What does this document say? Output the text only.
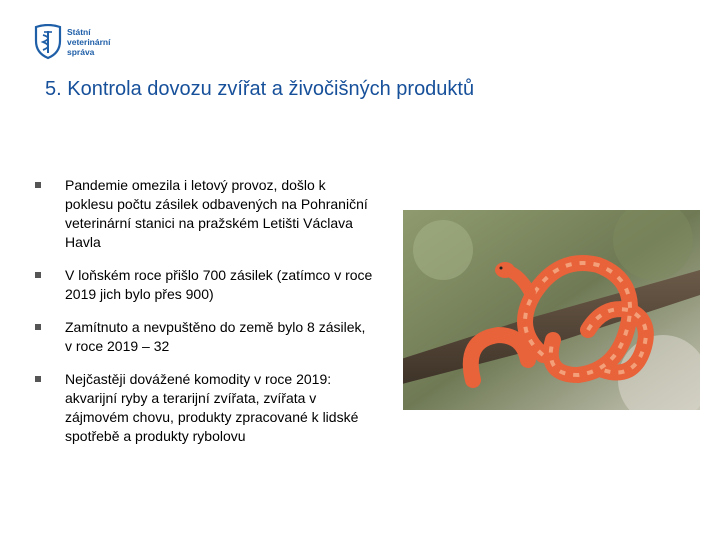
Státní
veterinární
správa
5. Kontrola dovozu zvířat a živočišných produktů
Pandemie omezila i letový provoz, došlo k poklesu počtu zásilek odbavených na Pohraniční veterinární stanici na pražském Letišti Václava Havla
V loňském roce přišlo 700 zásilek (zatímco v roce 2019 jich bylo přes 900)
Zamítnuto a nevpuštěno do země bylo 8 zásilek, v roce 2019 – 32
Nejčastěji dovážené komodity v roce 2019: akvarijní ryby a terarijní zvířata, zvířata v zájmovém chovu, produkty zpracované k lidské spotřebě a produkty rybolovu
